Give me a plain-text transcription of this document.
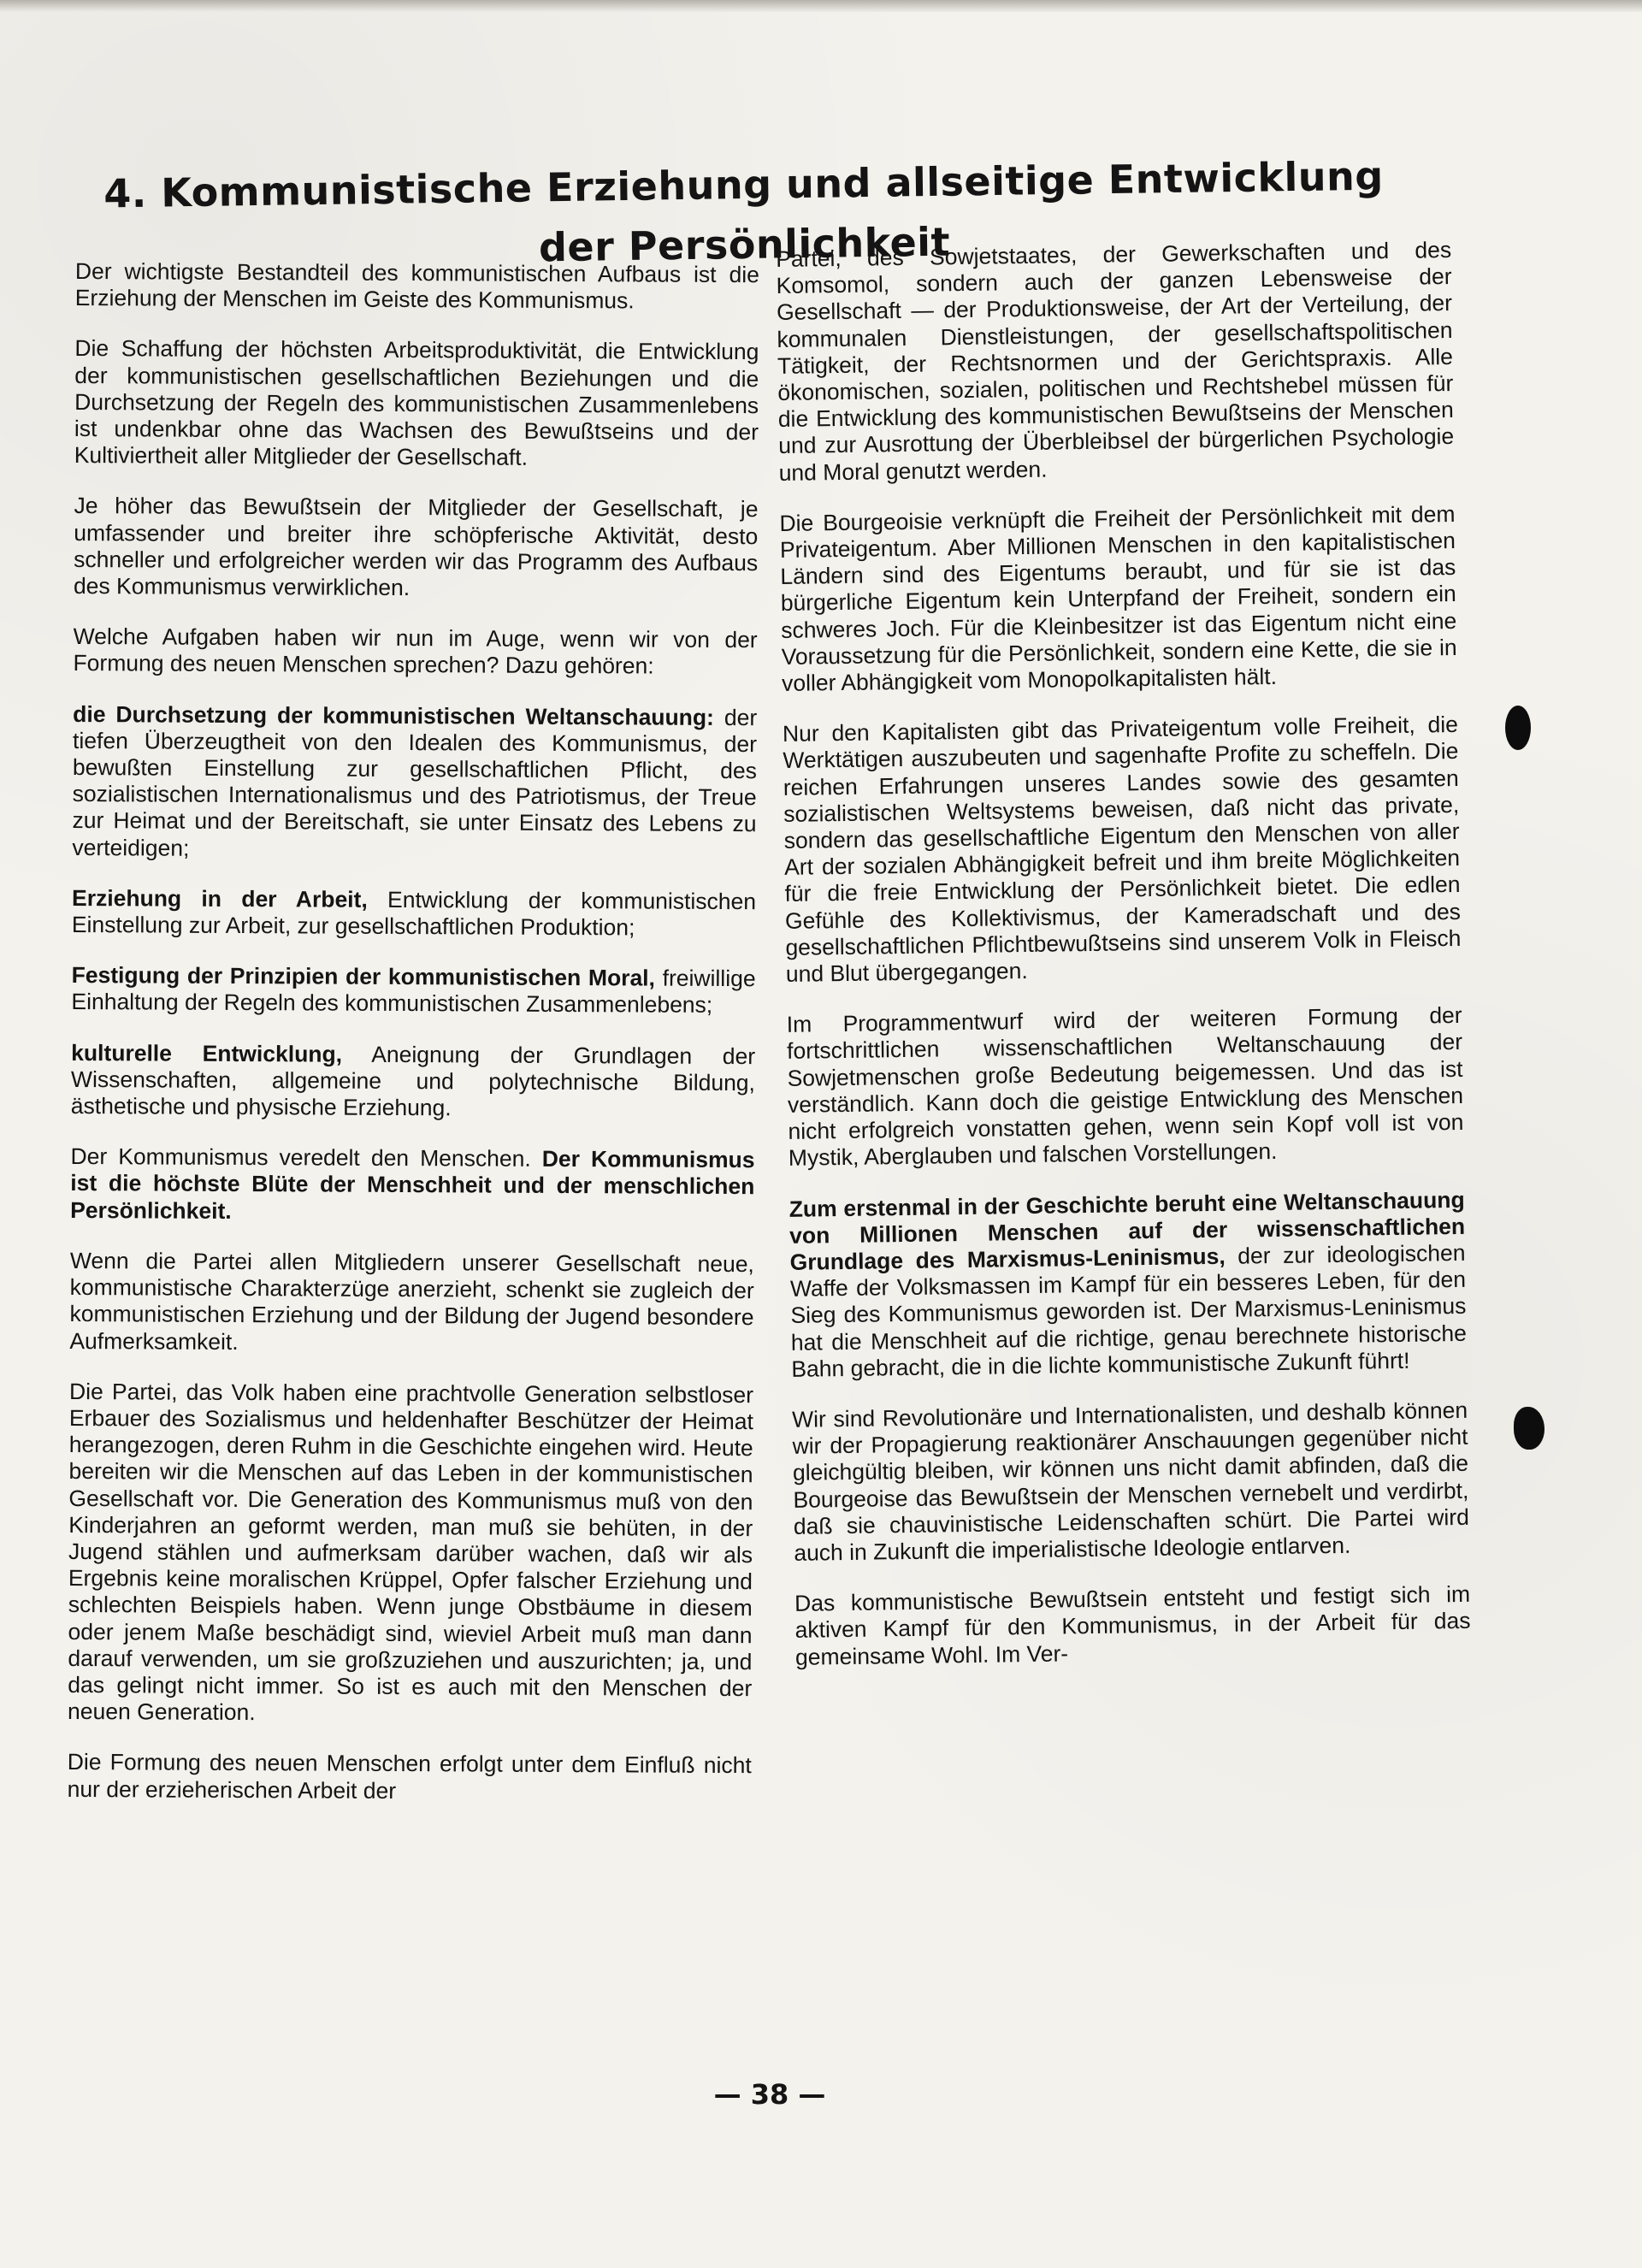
4. Kommunistische Erziehung und allseitige Entwicklung
der Persönlichkeit

Der wichtigste Bestandteil des kommunistischen Aufbaus ist die Erziehung der Menschen im Geiste des Kommunismus.

Die Schaffung der höchsten Arbeitsproduktivität, die Entwicklung der kommunistischen gesellschaftlichen Beziehungen und die Durchsetzung der Regeln des kommunistischen Zusammenlebens ist undenkbar ohne das Wachsen des Bewußtseins und der Kultiviertheit aller Mitglieder der Gesellschaft.

Je höher das Bewußtsein der Mitglieder der Gesellschaft, je umfassender und breiter ihre schöpferische Aktivität, desto schneller und erfolgreicher werden wir das Programm des Aufbaus des Kommunismus verwirklichen.

Welche Aufgaben haben wir nun im Auge, wenn wir von der Formung des neuen Menschen sprechen? Dazu gehören:

die Durchsetzung der kommunistischen Weltanschauung: der tiefen Überzeugtheit von den Idealen des Kommunismus, der bewußten Einstellung zur gesellschaftlichen Pflicht, des sozialistischen Internationalismus und des Patriotismus, der Treue zur Heimat und der Bereitschaft, sie unter Einsatz des Lebens zu verteidigen;

Erziehung in der Arbeit, Entwicklung der kommunistischen Einstellung zur Arbeit, zur gesellschaftlichen Produktion;

Festigung der Prinzipien der kommunistischen Moral, freiwillige Einhaltung der Regeln des kommunistischen Zusammenlebens;

kulturelle Entwicklung, Aneignung der Grundlagen der Wissenschaften, allgemeine und polytechnische Bildung, ästhetische und physische Erziehung.

Der Kommunismus veredelt den Menschen. Der Kommunismus ist die höchste Blüte der Menschheit und der menschlichen Persönlichkeit.

Wenn die Partei allen Mitgliedern unserer Gesellschaft neue, kommunistische Charakterzüge anerzieht, schenkt sie zugleich der kommunistischen Erziehung und der Bildung der Jugend besondere Aufmerksamkeit.

Die Partei, das Volk haben eine prachtvolle Generation selbstloser Erbauer des Sozialismus und heldenhafter Beschützer der Heimat herangezogen, deren Ruhm in die Geschichte eingehen wird. Heute bereiten wir die Menschen auf das Leben in der kommunistischen Gesellschaft vor. Die Generation des Kommunismus muß von den Kinderjahren an geformt werden, man muß sie behüten, in der Jugend stählen und aufmerksam darüber wachen, daß wir als Ergebnis keine moralischen Krüppel, Opfer falscher Erziehung und schlechten Beispiels haben. Wenn junge Obstbäume in diesem oder jenem Maße beschädigt sind, wieviel Arbeit muß man dann darauf verwenden, um sie großzuziehen und auszurichten; ja, und das gelingt nicht immer. So ist es auch mit den Menschen der neuen Generation.

Die Formung des neuen Menschen erfolgt unter dem Einfluß nicht nur der erzieherischen Arbeit der

Partei, des Sowjetstaates, der Gewerkschaften und des Komsomol, sondern auch der ganzen Lebensweise der Gesellschaft — der Produktionsweise, der Art der Verteilung, der kommunalen Dienstleistungen, der gesellschaftspolitischen Tätigkeit, der Rechtsnormen und der Gerichtspraxis. Alle ökonomischen, sozialen, politischen und Rechtshebel müssen für die Entwicklung des kommunistischen Bewußtseins der Menschen und zur Ausrottung der Überbleibsel der bürgerlichen Psychologie und Moral genutzt werden.

Die Bourgeoisie verknüpft die Freiheit der Persönlichkeit mit dem Privateigentum. Aber Millionen Menschen in den kapitalistischen Ländern sind des Eigentums beraubt, und für sie ist das bürgerliche Eigentum kein Unterpfand der Freiheit, sondern ein schweres Joch. Für die Kleinbesitzer ist das Eigentum nicht eine Voraussetzung für die Persönlichkeit, sondern eine Kette, die sie in voller Abhängigkeit vom Monopolkapitalisten hält.

Nur den Kapitalisten gibt das Privateigentum volle Freiheit, die Werktätigen auszubeuten und sagenhafte Profite zu scheffeln. Die reichen Erfahrungen unseres Landes sowie des gesamten sozialistischen Weltsystems beweisen, daß nicht das private, sondern das gesellschaftliche Eigentum den Menschen von aller Art der sozialen Abhängigkeit befreit und ihm breite Möglichkeiten für die freie Entwicklung der Persönlichkeit bietet. Die edlen Gefühle des Kollektivismus, der Kameradschaft und des gesellschaftlichen Pflichtbewußtseins sind unserem Volk in Fleisch und Blut übergegangen.

Im Programmentwurf wird der weiteren Formung der fortschrittlichen wissenschaftlichen Weltanschauung der Sowjetmenschen große Bedeutung beigemessen. Und das ist verständlich. Kann doch die geistige Entwicklung des Menschen nicht erfolgreich vonstatten gehen, wenn sein Kopf voll ist von Mystik, Aberglauben und falschen Vorstellungen.

Zum erstenmal in der Geschichte beruht eine Weltanschauung von Millionen Menschen auf der wissenschaftlichen Grundlage des Marxismus-Leninismus, der zur ideologischen Waffe der Volksmassen im Kampf für ein besseres Leben, für den Sieg des Kommunismus geworden ist. Der Marxismus-Leninismus hat die Menschheit auf die richtige, genau berechnete historische Bahn gebracht, die in die lichte kommunistische Zukunft führt!

Wir sind Revolutionäre und Internationalisten, und deshalb können wir der Propagierung reaktionärer Anschauungen gegenüber nicht gleichgültig bleiben, wir können uns nicht damit abfinden, daß die Bourgeoise das Bewußtsein der Menschen vernebelt und verdirbt, daß sie chauvinistische Leidenschaften schürt. Die Partei wird auch in Zukunft die imperialistische Ideologie entlarven.

Das kommunistische Bewußtsein entsteht und festigt sich im aktiven Kampf für den Kommunismus, in der Arbeit für das gemeinsame Wohl. Im Ver-

— 38 —
